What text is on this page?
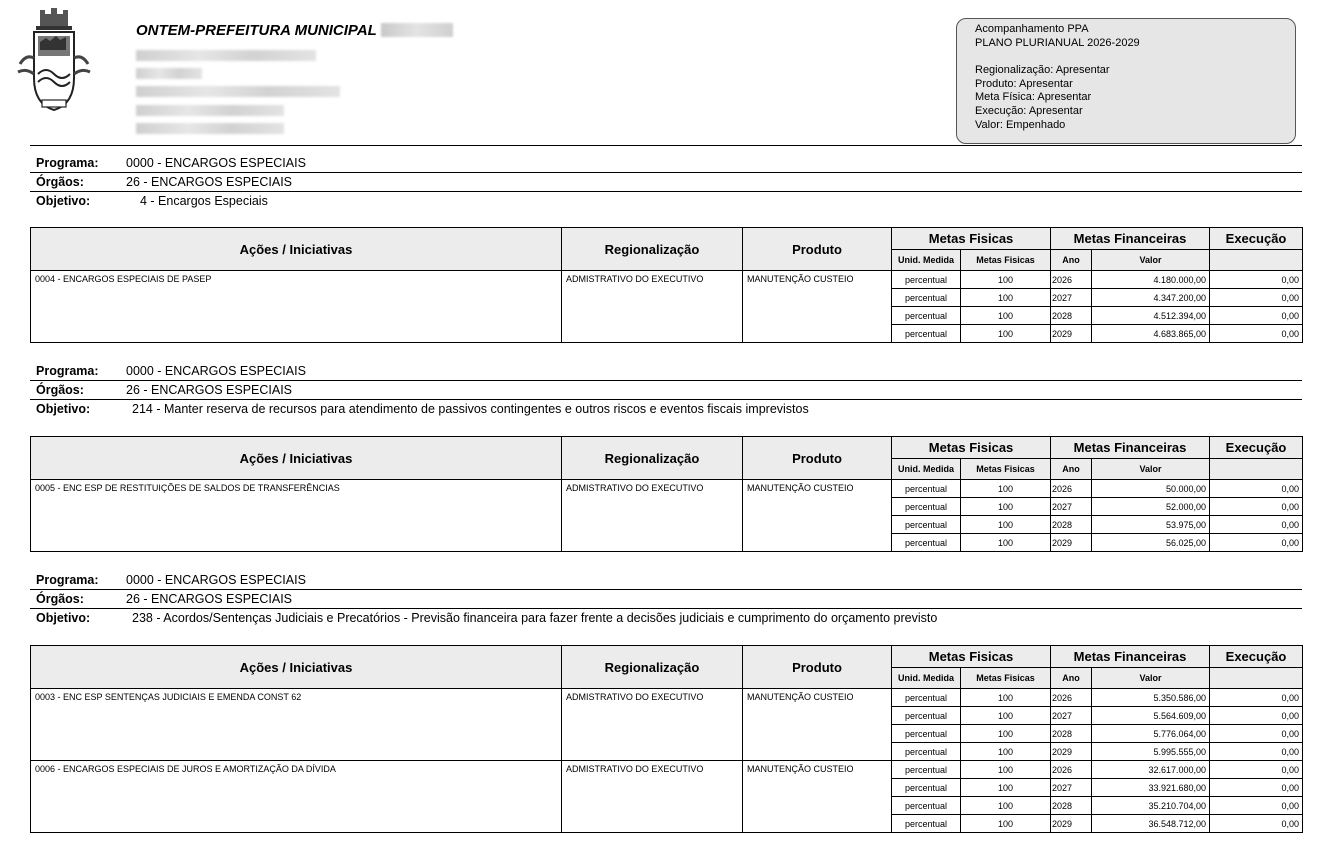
ONTEM-PREFEITURA MUNICIPAL	Acompanhamento PPA
PLANO PLURIANUAL 2026-2029
Regionalização: Apresentar
Produto: Apresentar
Meta Física: Apresentar
Execução: Apresentar
Valor: Empenhado
Programa: 0000 - ENCARGOS ESPECIAIS
Órgãos:	26 - ENCARGOS ESPECIAIS
Objetivo:	4 - Encargos Especiais
Ações / Iniciativas	Regionalização	Produto	Metas Fisicas		Metas Financeiras		Execução
			Unid. Medida	Metas Fisicas	Ano	Valor	
0004 - ENCARGOS ESPECIAIS DE PASEP	ADMISTRATIVO DO EXECUTIVO	MANUTENÇÃO CUSTEIO	percentual	100	2026	4.180.000,00	0,00
			percentual	100	2027	4.347.200,00	0,00
			percentual	100	2028	4.512.394,00	0,00
			percentual	100	2029	4.683.865,00	0,00
Programa: 0000 - ENCARGOS ESPECIAIS
Órgãos:	26 - ENCARGOS ESPECIAIS
Objetivo:	214 - Manter reserva de recursos para atendimento de passivos contingentes e outros riscos e eventos fiscais imprevistos
Ações / Iniciativas	Regionalização	Produto	Metas Fisicas		Metas Financeiras		Execução
			Unid. Medida	Metas Fisicas	Ano	Valor	
0005 - ENC ESP DE RESTITUIÇÕES DE SALDOS DE TRANSFERÊNCIAS	ADMISTRATIVO DO EXECUTIVO	MANUTENÇÃO CUSTEIO	percentual	100	2026	50.000,00	0,00
			percentual	100	2027	52.000,00	0,00
			percentual	100	2028	53.975,00	0,00
			percentual	100	2029	56.025,00	0,00
Programa: 0000 - ENCARGOS ESPECIAIS
Órgãos:	26 - ENCARGOS ESPECIAIS
Objetivo:	238 - Acordos/Sentenças Judiciais e Precatórios - Previsão financeira para fazer frente a decisões judiciais e cumprimento do orçamento previsto
Ações / Iniciativas	Regionalização	Produto	Metas Fisicas		Metas Financeiras		Execução
			Unid. Medida	Metas Fisicas	Ano	Valor	
0003 - ENC ESP SENTENÇAS JUDICIAIS E EMENDA CONST 62	ADMISTRATIVO DO EXECUTIVO	MANUTENÇÃO CUSTEIO	percentual	100	2026	5.350.586,00	0,00
			percentual	100	2027	5.564.609,00	0,00
			percentual	100	2028	5.776.064,00	0,00
			percentual	100	2029	5.995.555,00	0,00
0006 - ENCARGOS ESPECIAIS DE JUROS E AMORTIZAÇÃO DA DÍVIDA	ADMISTRATIVO DO EXECUTIVO	MANUTENÇÃO CUSTEIO	percentual	100	2026	32.617.000,00	0,00
			percentual	100	2027	33.921.680,00	0,00
			percentual	100	2028	35.210.704,00	0,00
			percentual	100	2029	36.548.712,00	0,00
